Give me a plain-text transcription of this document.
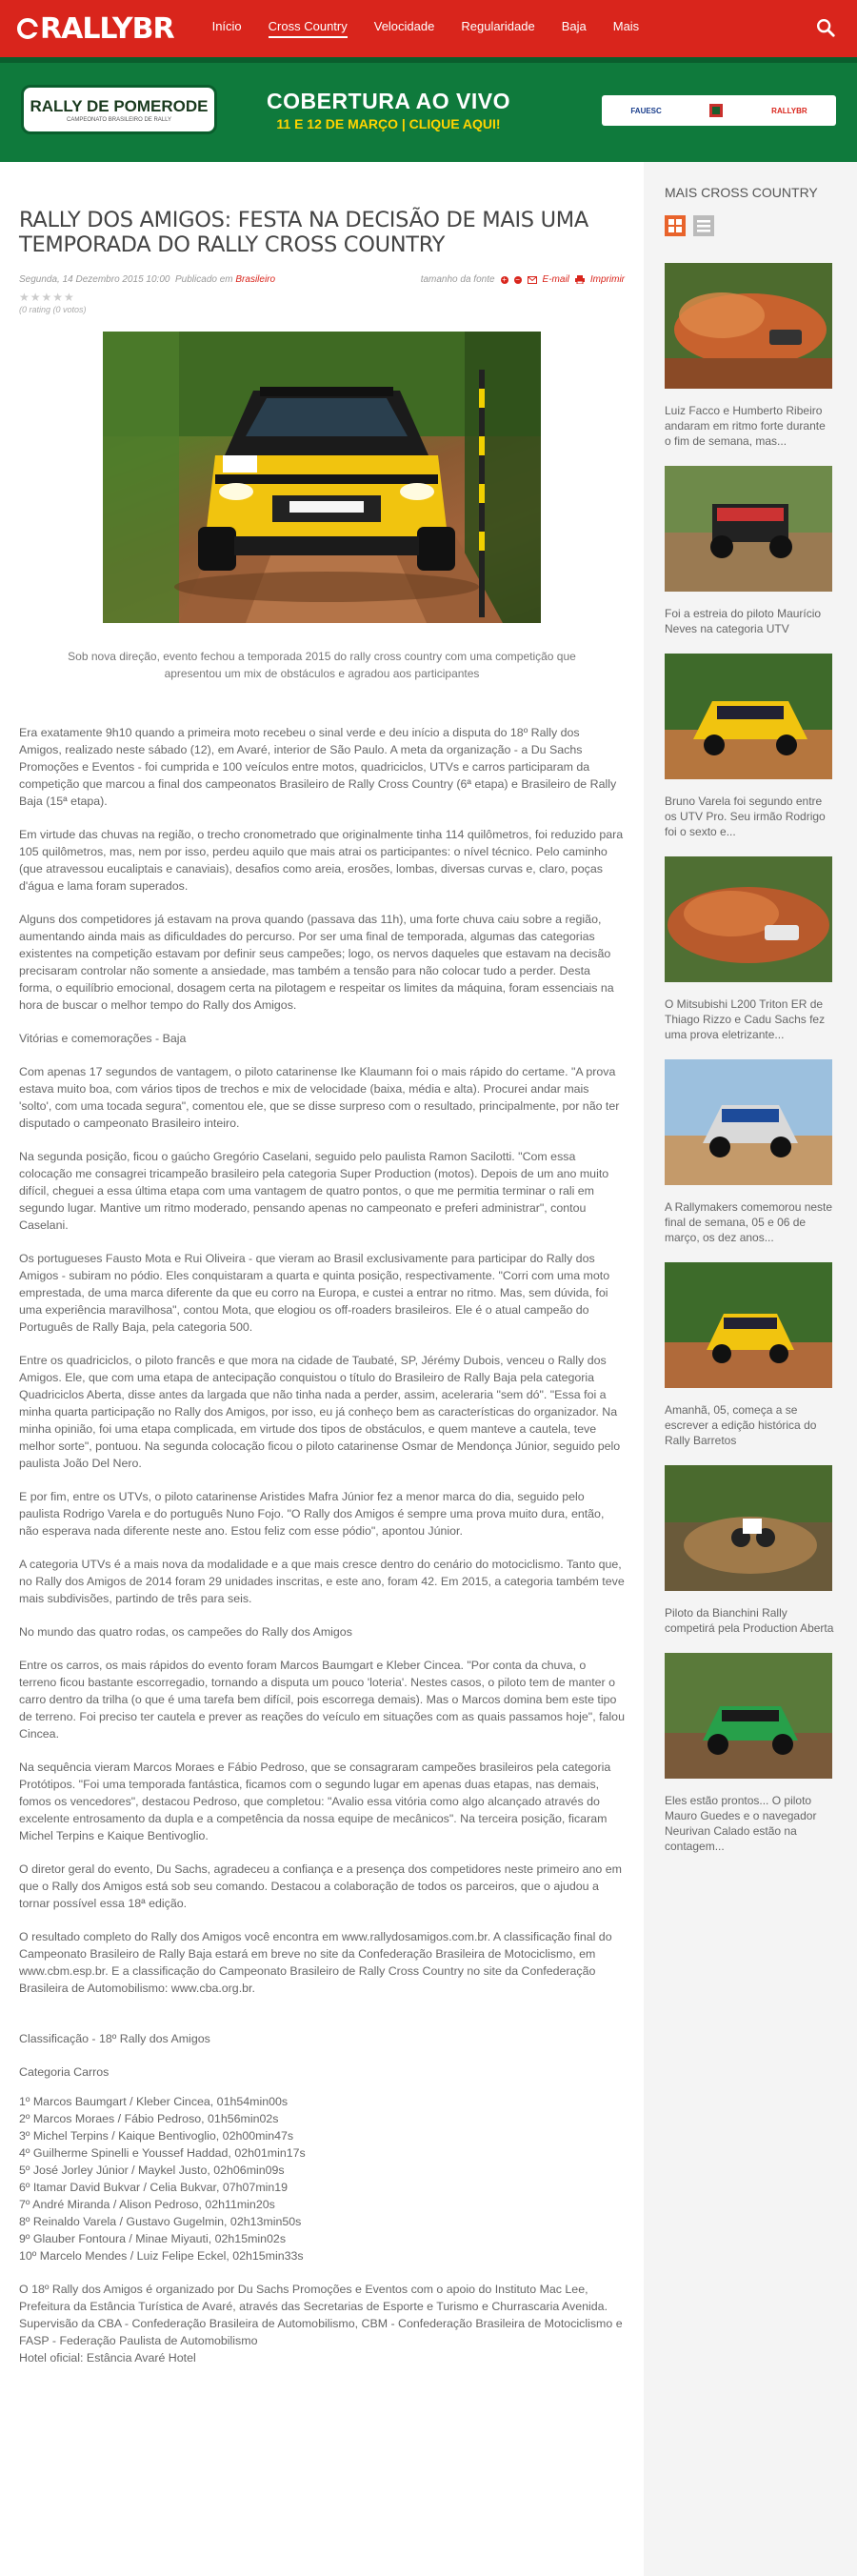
RALLYBR	Início Cross Country Velocidade Regularidade Baja Mais
RALLY DE POMERODE
CAMPEONATO BRASILEIRO DE RALLY
COBERTURA AO VIVO
11 E 12 DE MARÇO | CLIQUE AQUI!
FAUESC	RALLYBR
RALLY DOS AMIGOS: FESTA NA DECISÃO DE MAIS UMA TEMPORADA DO RALLY CROSS COUNTRY
Segunda, 14 Dezembro 2015 10:00 Publicado em Brasileiro	tamanho da fonte + − E-mail Imprimir
★★★★★
(0 rating (0 votos)

Sob nova direção, evento fechou a temporada 2015 do rally cross country com uma competição que apresentou um mix de obstáculos e agradou aos participantes

Era exatamente 9h10 quando a primeira moto recebeu o sinal verde e deu início a disputa do 18º Rally dos Amigos, realizado neste sábado (12), em Avaré, interior de São Paulo. A meta da organização - a Du Sachs Promoções e Eventos - foi cumprida e 100 veículos entre motos, quadriciclos, UTVs e carros participaram da competição que marcou a final dos campeonatos Brasileiro de Rally Cross Country (6ª etapa) e Brasileiro de Rally Baja (15ª etapa).

Em virtude das chuvas na região, o trecho cronometrado que originalmente tinha 114 quilômetros, foi reduzido para 105 quilômetros, mas, nem por isso, perdeu aquilo que mais atrai os participantes: o nível técnico. Pelo caminho (que atravessou eucaliptais e canaviais), desafios como areia, erosões, lombas, diversas curvas e, claro, poças d'água e lama foram superados.

Alguns dos competidores já estavam na prova quando (passava das 11h), uma forte chuva caiu sobre a região, aumentando ainda mais as dificuldades do percurso. Por ser uma final de temporada, algumas das categorias existentes na competição estavam por definir seus campeões; logo, os nervos daqueles que estavam na decisão precisaram controlar não somente a ansiedade, mas também a tensão para não colocar tudo a perder. Desta forma, o equilíbrio emocional, dosagem certa na pilotagem e respeitar os limites da máquina, foram essenciais na hora de buscar o melhor tempo do Rally dos Amigos.

Vitórias e comemorações - Baja

Com apenas 17 segundos de vantagem, o piloto catarinense Ike Klaumann foi o mais rápido do certame. "A prova estava muito boa, com vários tipos de trechos e mix de velocidade (baixa, média e alta). Procurei andar mais 'solto', com uma tocada segura", comentou ele, que se disse surpreso com o resultado, principalmente, por não ter disputado o campeonato Brasileiro inteiro.

Na segunda posição, ficou o gaúcho Gregório Caselani, seguido pelo paulista Ramon Sacilotti. "Com essa colocação me consagrei tricampeão brasileiro pela categoria Super Production (motos). Depois de um ano muito difícil, cheguei a essa última etapa com uma vantagem de quatro pontos, o que me permitia terminar o rali em segundo lugar. Mantive um ritmo moderado, pensando apenas no campeonato e preferi administrar", contou Caselani.

Os portugueses Fausto Mota e Rui Oliveira - que vieram ao Brasil exclusivamente para participar do Rally dos Amigos - subiram no pódio. Eles conquistaram a quarta e quinta posição, respectivamente. "Corri com uma moto emprestada, de uma marca diferente da que eu corro na Europa, e custei a entrar no ritmo. Mas, sem dúvida, foi uma experiência maravilhosa", contou Mota, que elogiou os off-roaders brasileiros. Ele é o atual campeão do Português de Rally Baja, pela categoria 500.

Entre os quadriciclos, o piloto francês e que mora na cidade de Taubaté, SP, Jérémy Dubois, venceu o Rally dos Amigos. Ele, que com uma etapa de antecipação conquistou o título do Brasileiro de Rally Baja pela categoria Quadriciclos Aberta, disse antes da largada que não tinha nada a perder, assim, aceleraria "sem dó". "Essa foi a minha quarta participação no Rally dos Amigos, por isso, eu já conheço bem as características do organizador. Na minha opinião, foi uma etapa complicada, em virtude dos tipos de obstáculos, e quem manteve a cautela, teve melhor sorte", pontuou. Na segunda colocação ficou o piloto catarinense Osmar de Mendonça Júnior, seguido pelo paulista João Del Nero.

E por fim, entre os UTVs, o piloto catarinense Aristides Mafra Júnior fez a menor marca do dia, seguido pelo paulista Rodrigo Varela e do português Nuno Fojo. "O Rally dos Amigos é sempre uma prova muito dura, então, não esperava nada diferente neste ano. Estou feliz com esse pódio", apontou Júnior.

A categoria UTVs é a mais nova da modalidade e a que mais cresce dentro do cenário do motociclismo. Tanto que, no Rally dos Amigos de 2014 foram 29 unidades inscritas, e este ano, foram 42. Em 2015, a categoria também teve mais subdivisões, partindo de três para seis.

No mundo das quatro rodas, os campeões do Rally dos Amigos

Entre os carros, os mais rápidos do evento foram Marcos Baumgart e Kleber Cincea. "Por conta da chuva, o terreno ficou bastante escorregadio, tornando a disputa um pouco 'loteria'. Nestes casos, o piloto tem de manter o carro dentro da trilha (o que é uma tarefa bem difícil, pois escorrega demais). Mas o Marcos domina bem este tipo de terreno. Foi preciso ter cautela e prever as reações do veículo em situações com as quais passamos hoje", falou Cincea.

Na sequência vieram Marcos Moraes e Fábio Pedroso, que se consagraram campeões brasileiros pela categoria Protótipos. "Foi uma temporada fantástica, ficamos com o segundo lugar em apenas duas etapas, nas demais, fomos os vencedores", destacou Pedroso, que completou: "Avalio essa vitória como algo alcançado através do excelente entrosamento da dupla e a competência da nossa equipe de mecânicos". Na terceira posição, ficaram Michel Terpins e Kaique Bentivoglio.

O diretor geral do evento, Du Sachs, agradeceu a confiança e a presença dos competidores neste primeiro ano em que o Rally dos Amigos está sob seu comando. Destacou a colaboração de todos os parceiros, que o ajudou a tornar possível essa 18ª edição.

O resultado completo do Rally dos Amigos você encontra em www.rallydosamigos.com.br. A classificação final do Campeonato Brasileiro de Rally Baja estará em breve no site da Confederação Brasileira de Motociclismo, em www.cbm.esp.br. E a classificação do Campeonato Brasileiro de Rally Cross Country no site da Confederação Brasileira de Automobilismo: www.cba.org.br.

Classificação - 18º Rally dos Amigos

Categoria Carros

1º Marcos Baumgart / Kleber Cincea, 01h54min00s
2º Marcos Moraes / Fábio Pedroso, 01h56min02s
3º Michel Terpins / Kaique Bentivoglio, 02h00min47s
4º Guilherme Spinelli e Youssef Haddad, 02h01min17s
5º José Jorley Júnior / Maykel Justo, 02h06min09s
6º Itamar David Bukvar / Celia Bukvar, 07h07min19
7º André Miranda / Alison Pedroso, 02h11min20s
8º Reinaldo Varela / Gustavo Gugelmin, 02h13min50s
9º Glauber Fontoura / Minae Miyauti, 02h15min02s
10º Marcelo Mendes / Luiz Felipe Eckel, 02h15min33s

O 18º Rally dos Amigos é organizado por Du Sachs Promoções e Eventos com o apoio do Instituto Mac Lee, Prefeitura da Estância Turística de Avaré, através das Secretarias de Esporte e Turismo e Churrascaria Avenida.
Supervisão da CBA - Confederação Brasileira de Automobilismo, CBM - Confederação Brasileira de Motociclismo e FASP - Federação Paulista de Automobilismo
Hotel oficial: Estância Avaré Hotel

MAIS CROSS COUNTRY
Luiz Facco e Humberto Ribeiro andaram em ritmo forte durante o fim de semana, mas...
Foi a estreia do piloto Maurício Neves na categoria UTV
Bruno Varela foi segundo entre os UTV Pro. Seu irmão Rodrigo foi o sexto e...
O Mitsubishi L200 Triton ER de Thiago Rizzo e Cadu Sachs fez uma prova eletrizante...
A Rallymakers comemorou neste final de semana, 05 e 06 de março, os dez anos...
Amanhã, 05, começa a se escrever a edição histórica do Rally Barretos
Piloto da Bianchini Rally competirá pela Production Aberta
Eles estão prontos... O piloto Mauro Guedes e o navegador Neurivan Calado estão na contagem...
